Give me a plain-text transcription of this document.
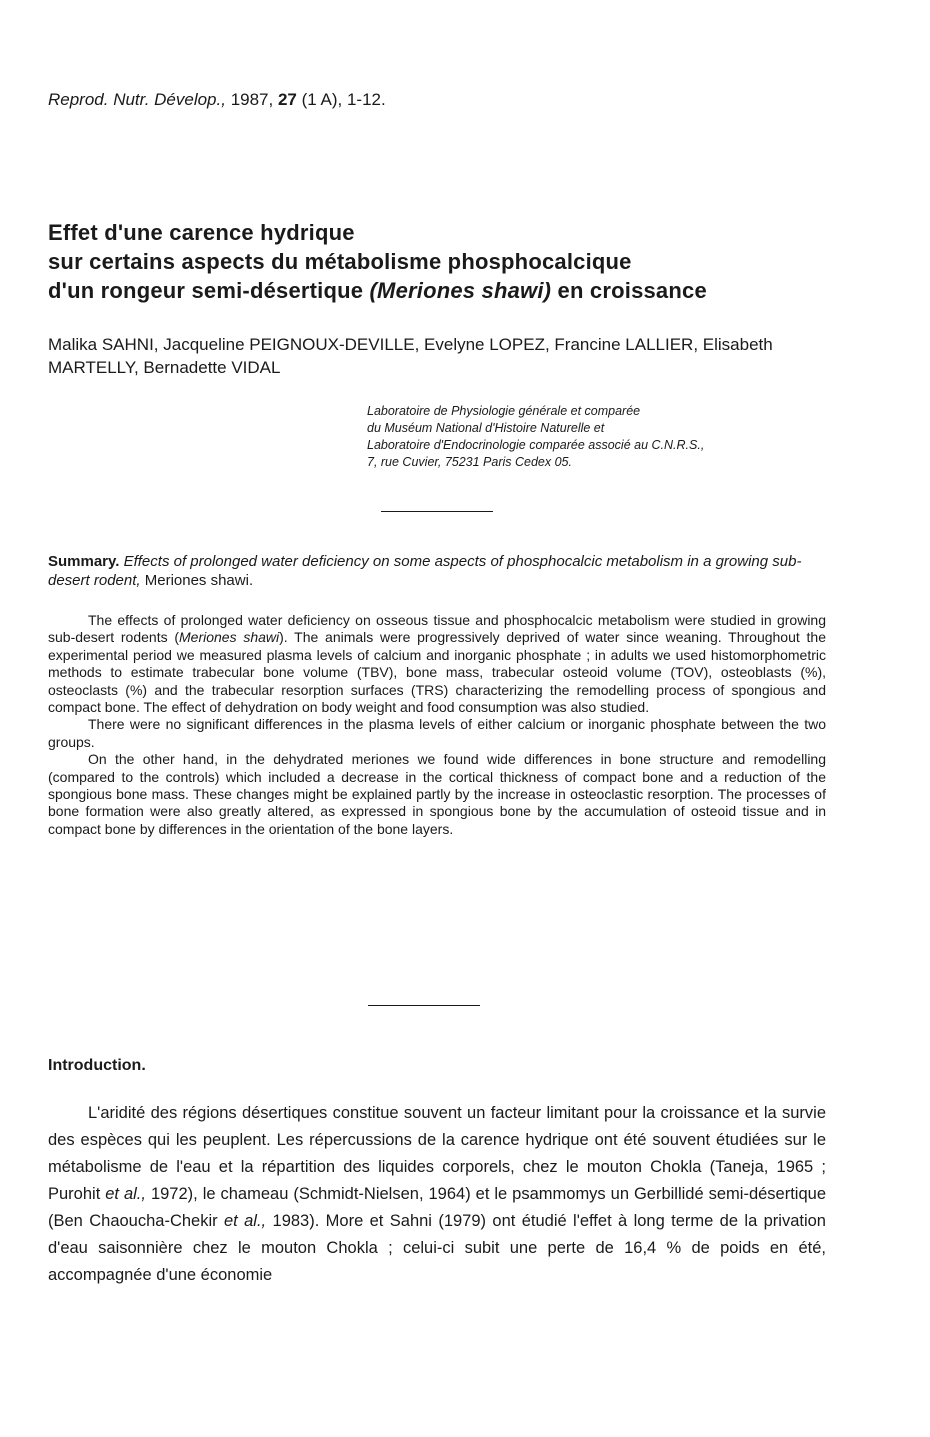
Reprod. Nutr. Dévelop., 1987, 27 (1 A), 1-12.
Effet d'une carence hydrique
sur certains aspects du métabolisme phosphocalcique
d'un rongeur semi-désertique (Meriones shawi) en croissance
Malika SAHNI, Jacqueline PEIGNOUX-DEVILLE, Evelyne LOPEZ, Francine LALLIER, Elisabeth MARTELLY, Bernadette VIDAL
Laboratoire de Physiologie générale et comparée
du Muséum National d'Histoire Naturelle et
Laboratoire d'Endocrinologie comparée associé au C.N.R.S.,
7, rue Cuvier, 75231 Paris Cedex 05.
Summary. Effects of prolonged water deficiency on some aspects of phosphocalcic metabolism in a growing sub-desert rodent, Meriones shawi.

The effects of prolonged water deficiency on osseous tissue and phosphocalcic metabolism were studied in growing sub-desert rodents (Meriones shawi). The animals were progressively deprived of water since weaning. Throughout the experimental period we measured plasma levels of calcium and inorganic phosphate ; in adults we used histomorphometric methods to estimate trabecular bone volume (TBV), bone mass, trabecular osteoid volume (TOV), osteoblasts (%), osteoclasts (%) and the trabecular resorption surfaces (TRS) characterizing the remodelling process of spongious and compact bone. The effect of dehydration on body weight and food consumption was also studied.

There were no significant differences in the plasma levels of either calcium or inorganic phosphate between the two groups.

On the other hand, in the dehydrated meriones we found wide differences in bone structure and remodelling (compared to the controls) which included a decrease in the cortical thickness of compact bone and a reduction of the spongious bone mass. These changes might be explained partly by the increase in osteoclastic resorption. The processes of bone formation were also greatly altered, as expressed in spongious bone by the accumulation of osteoid tissue and in compact bone by differences in the orientation of the bone layers.

Introduction.

L'aridité des régions désertiques constitue souvent un facteur limitant pour la croissance et la survie des espèces qui les peuplent. Les répercussions de la carence hydrique ont été souvent étudiées sur le métabolisme de l'eau et la répartition des liquides corporels, chez le mouton Chokla (Taneja, 1965 ; Purohit et al., 1972), le chameau (Schmidt-Nielsen, 1964) et le psammomys un Gerbillidé semi-désertique (Ben Chaoucha-Chekir et al., 1983). More et Sahni (1979) ont étudié l'effet à long terme de la privation d'eau saisonnière chez le mouton Chokla ; celui-ci subit une perte de 16,4 % de poids en été, accompagnée d'une économie
